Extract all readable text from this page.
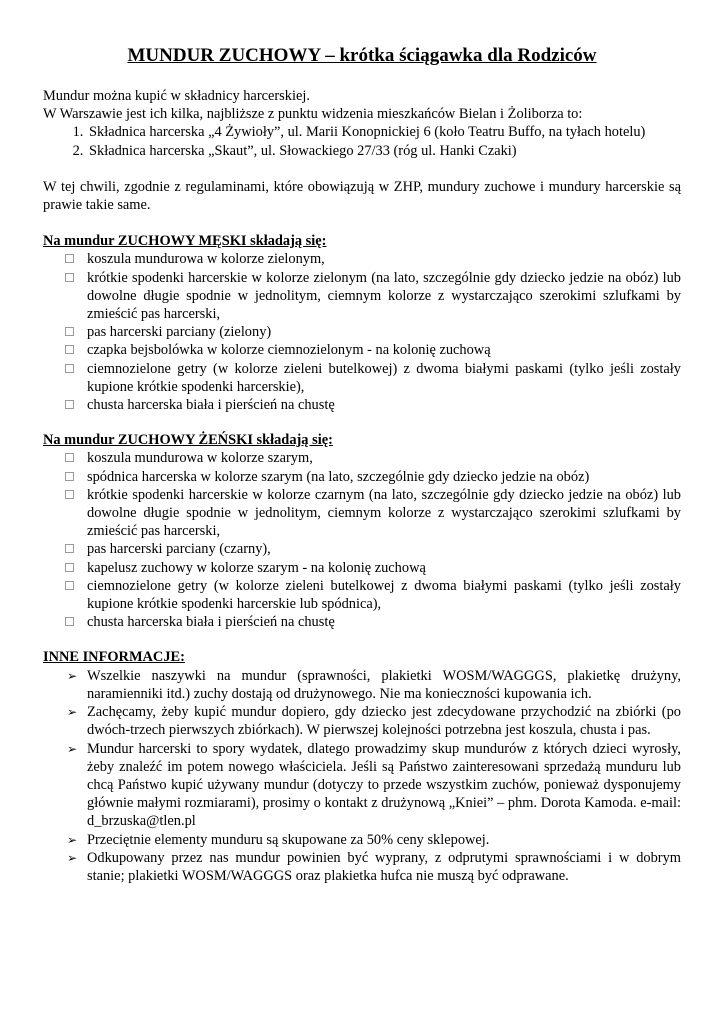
MUNDUR ZUCHOWY – krótka ściągawka dla Rodziców

Mundur można kupić w składnicy harcerskiej.

W Warszawie jest ich kilka, najbliższe z punktu widzenia mieszkańców Bielan i Żoliborza to:

1. Składnica harcerska „4 Żywioły”, ul. Marii Konopnickiej 6 (koło Teatru Buffo, na tyłach hotelu)
2. Składnica harcerska „Skaut”, ul. Słowackiego 27/33 (róg ul. Hanki Czaki)

W tej chwili, zgodnie z regulaminami, które obowiązują w ZHP, mundury zuchowe i mundury harcerskie są prawie takie same.

Na mundur ZUCHOWY MĘSKI składają się:

koszula mundurowa w kolorze zielonym,
krótkie spodenki harcerskie w kolorze zielonym (na lato, szczególnie gdy dziecko jedzie na obóz) lub dowolne długie spodnie w jednolitym, ciemnym kolorze z wystarczająco szerokimi szlufkami by zmieścić pas harcerski,
pas harcerski parciany (zielony)
czapka bejsbolówka w kolorze ciemnozielonym - na kolonię zuchową
ciemnozielone getry (w kolorze zieleni butelkowej) z dwoma białymi paskami (tylko jeśli zostały kupione krótkie spodenki harcerskie),
chusta harcerska biała i pierścień na chustę

Na mundur ZUCHOWY ŻEŃSKI składają się:

koszula mundurowa w kolorze szarym,
spódnica harcerska w kolorze szarym (na lato, szczególnie gdy dziecko jedzie na obóz)
krótkie spodenki harcerskie w kolorze czarnym (na lato, szczególnie gdy dziecko jedzie na obóz) lub dowolne długie spodnie w jednolitym, ciemnym kolorze z wystarczająco szerokimi szlufkami by zmieścić pas harcerski,
pas harcerski parciany (czarny),
kapelusz zuchowy w kolorze szarym - na kolonię zuchową
ciemnozielone getry (w kolorze zieleni butelkowej z dwoma białymi paskami (tylko jeśli zostały kupione krótkie spodenki harcerskie lub spódnica),
chusta harcerska biała i pierścień na chustę

INNE INFORMACJE:

➢ Wszelkie naszywki na mundur (sprawności, plakietki WOSM/WAGGGS, plakietkę drużyny, naramienniki itd.) zuchy dostają od drużynowego. Nie ma konieczności kupowania ich.
➢ Zachęcamy, żeby kupić mundur dopiero, gdy dziecko jest zdecydowane przychodzić na zbiórki (po dwóch-trzech pierwszych zbiórkach). W pierwszej kolejności potrzebna jest koszula, chusta i pas.
➢ Mundur harcerski to spory wydatek, dlatego prowadzimy skup mundurów z których dzieci wyrosły, żeby znaleźć im potem nowego właściciela. Jeśli są Państwo zainteresowani sprzedażą munduru lub chcą Państwo kupić używany mundur (dotyczy to przede wszystkim zuchów, ponieważ dysponujemy głównie małymi rozmiarami), prosimy o kontakt z drużynową „Kniei” – phm. Dorota Kamoda. e-mail: d_brzuska@tlen.pl
➢ Przeciętnie elementy munduru są skupowane za 50% ceny sklepowej.
➢ Odkupowany przez nas mundur powinien być wyprany, z odprutymi sprawnościami i w dobrym stanie; plakietki WOSM/WAGGGS oraz plakietka hufca nie muszą być odprawane.
